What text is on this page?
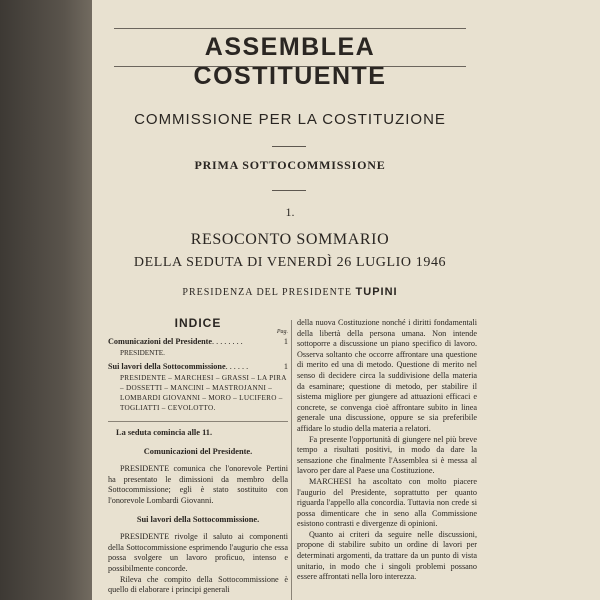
ASSEMBLEA COSTITUENTE
COMMISSIONE PER LA COSTITUZIONE
PRIMA SOTTOCOMMISSIONE
1.
RESOCONTO SOMMARIO
DELLA SEDUTA DI VENERDÌ 26 LUGLIO 1946
PRESIDENZA DEL PRESIDENTE TUPINI
INDICE
Pag.
Comunicazioni del Presidente . . . . . . . .	1
PRESIDENTE.
Sui lavori della Sottocommissione . . . . . .	1
PRESIDENTE – MARCHESI – GRASSI – LA PIRA – DOSSETTI – MANCINI – MASTROJANNI – LOMBARDI GIOVANNI – MORO – LUCIFERO – TOGLIATTI – CEVOLOTTO.
La seduta comincia alle 11.
Comunicazioni del Presidente.

PRESIDENTE comunica che l'onorevole Pertini ha presentato le dimissioni da membro della Sottocommissione; egli è stato sostituito con l'onorevole Lombardi Giovanni.

Sui lavori della Sottocommissione.

PRESIDENTE rivolge il saluto ai componenti della Sottocommissione esprimendo l'augurio che essa possa svolgere un lavoro proficuo, intenso e possibilmente concorde.

Rileva che compito della Sottocommissione è quello di elaborare i principi generali

della nuova Costituzione nonché i diritti fondamentali della libertà della persona umana. Non intende sottoporre a discussione un piano specifico di lavoro. Osserva soltanto che occorre affrontare una questione di merito ed una di metodo. Questione di merito nel senso di decidere circa la suddivisione della materia da esaminare; questione di metodo, per stabilire il sistema migliore per giungere ad attuazioni efficaci e concrete, se convenga cioè affrontare subito in linea generale una discussione, oppure se sia preferibile affidare lo studio della materia a relatori.

Fa presente l'opportunità di giungere nel più breve tempo a risultati positivi, in modo da dare la sensazione che finalmente l'Assemblea si è messa al lavoro per dare al Paese una Costituzione.

MARCHESI ha ascoltato con molto piacere l'augurio del Presidente, soprattutto per quanto riguarda l'appello alla concordia. Tuttavia non crede si possa dimenticare che in seno alla Commissione esistono contrasti e divergenze di opinioni.

Quanto ai criteri da seguire nelle discussioni, propone di stabilire subito un ordine di lavori per determinati argomenti, da trattare da un punto di vista unitario, in modo che i singoli problemi possano essere affrontati nella loro interezza.
